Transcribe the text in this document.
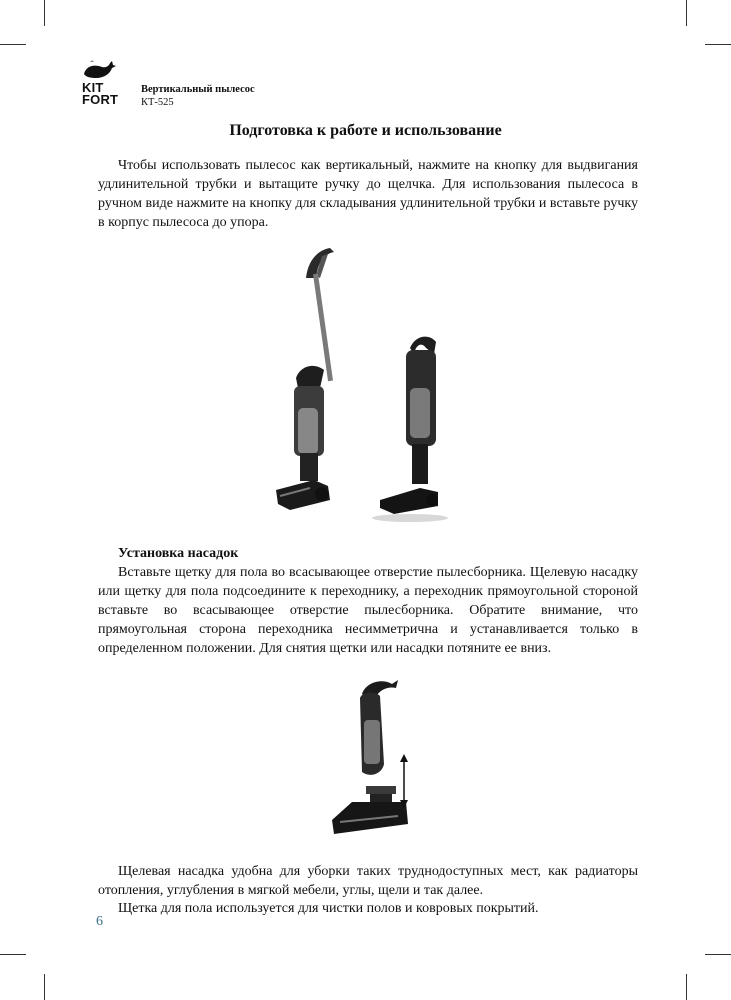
KIT
FORT
Вертикальный пылесос
КТ-525
Подготовка к работе и использование

Чтобы использовать пылесос как вертикальный, нажмите на кнопку для выдвигания удлинительной трубки и вытащите ручку до щелчка. Для использования пылесоса в ручном виде нажмите на кнопку для складывания удлинительной трубки и вставьте ручку в корпус пылесоса до упора.

Установка насадок

Вставьте щетку для пола во всасывающее отверстие пылесборника. Щелевую насадку или щетку для пола подсоедините к переходнику, а переходник прямоугольной стороной вставьте во всасывающее отверстие пылесборника. Обратите внимание, что прямоугольная сторона переходника несимметрична и устанавливается только в определенном положении. Для снятия щетки или насадки потяните ее вниз.

Щелевая насадка удобна для уборки таких труднодоступных мест, как радиаторы отопления, углубления в мягкой мебели, углы, щели и так далее.

Щетка для пола используется для чистки полов и ковровых покрытий.

6
